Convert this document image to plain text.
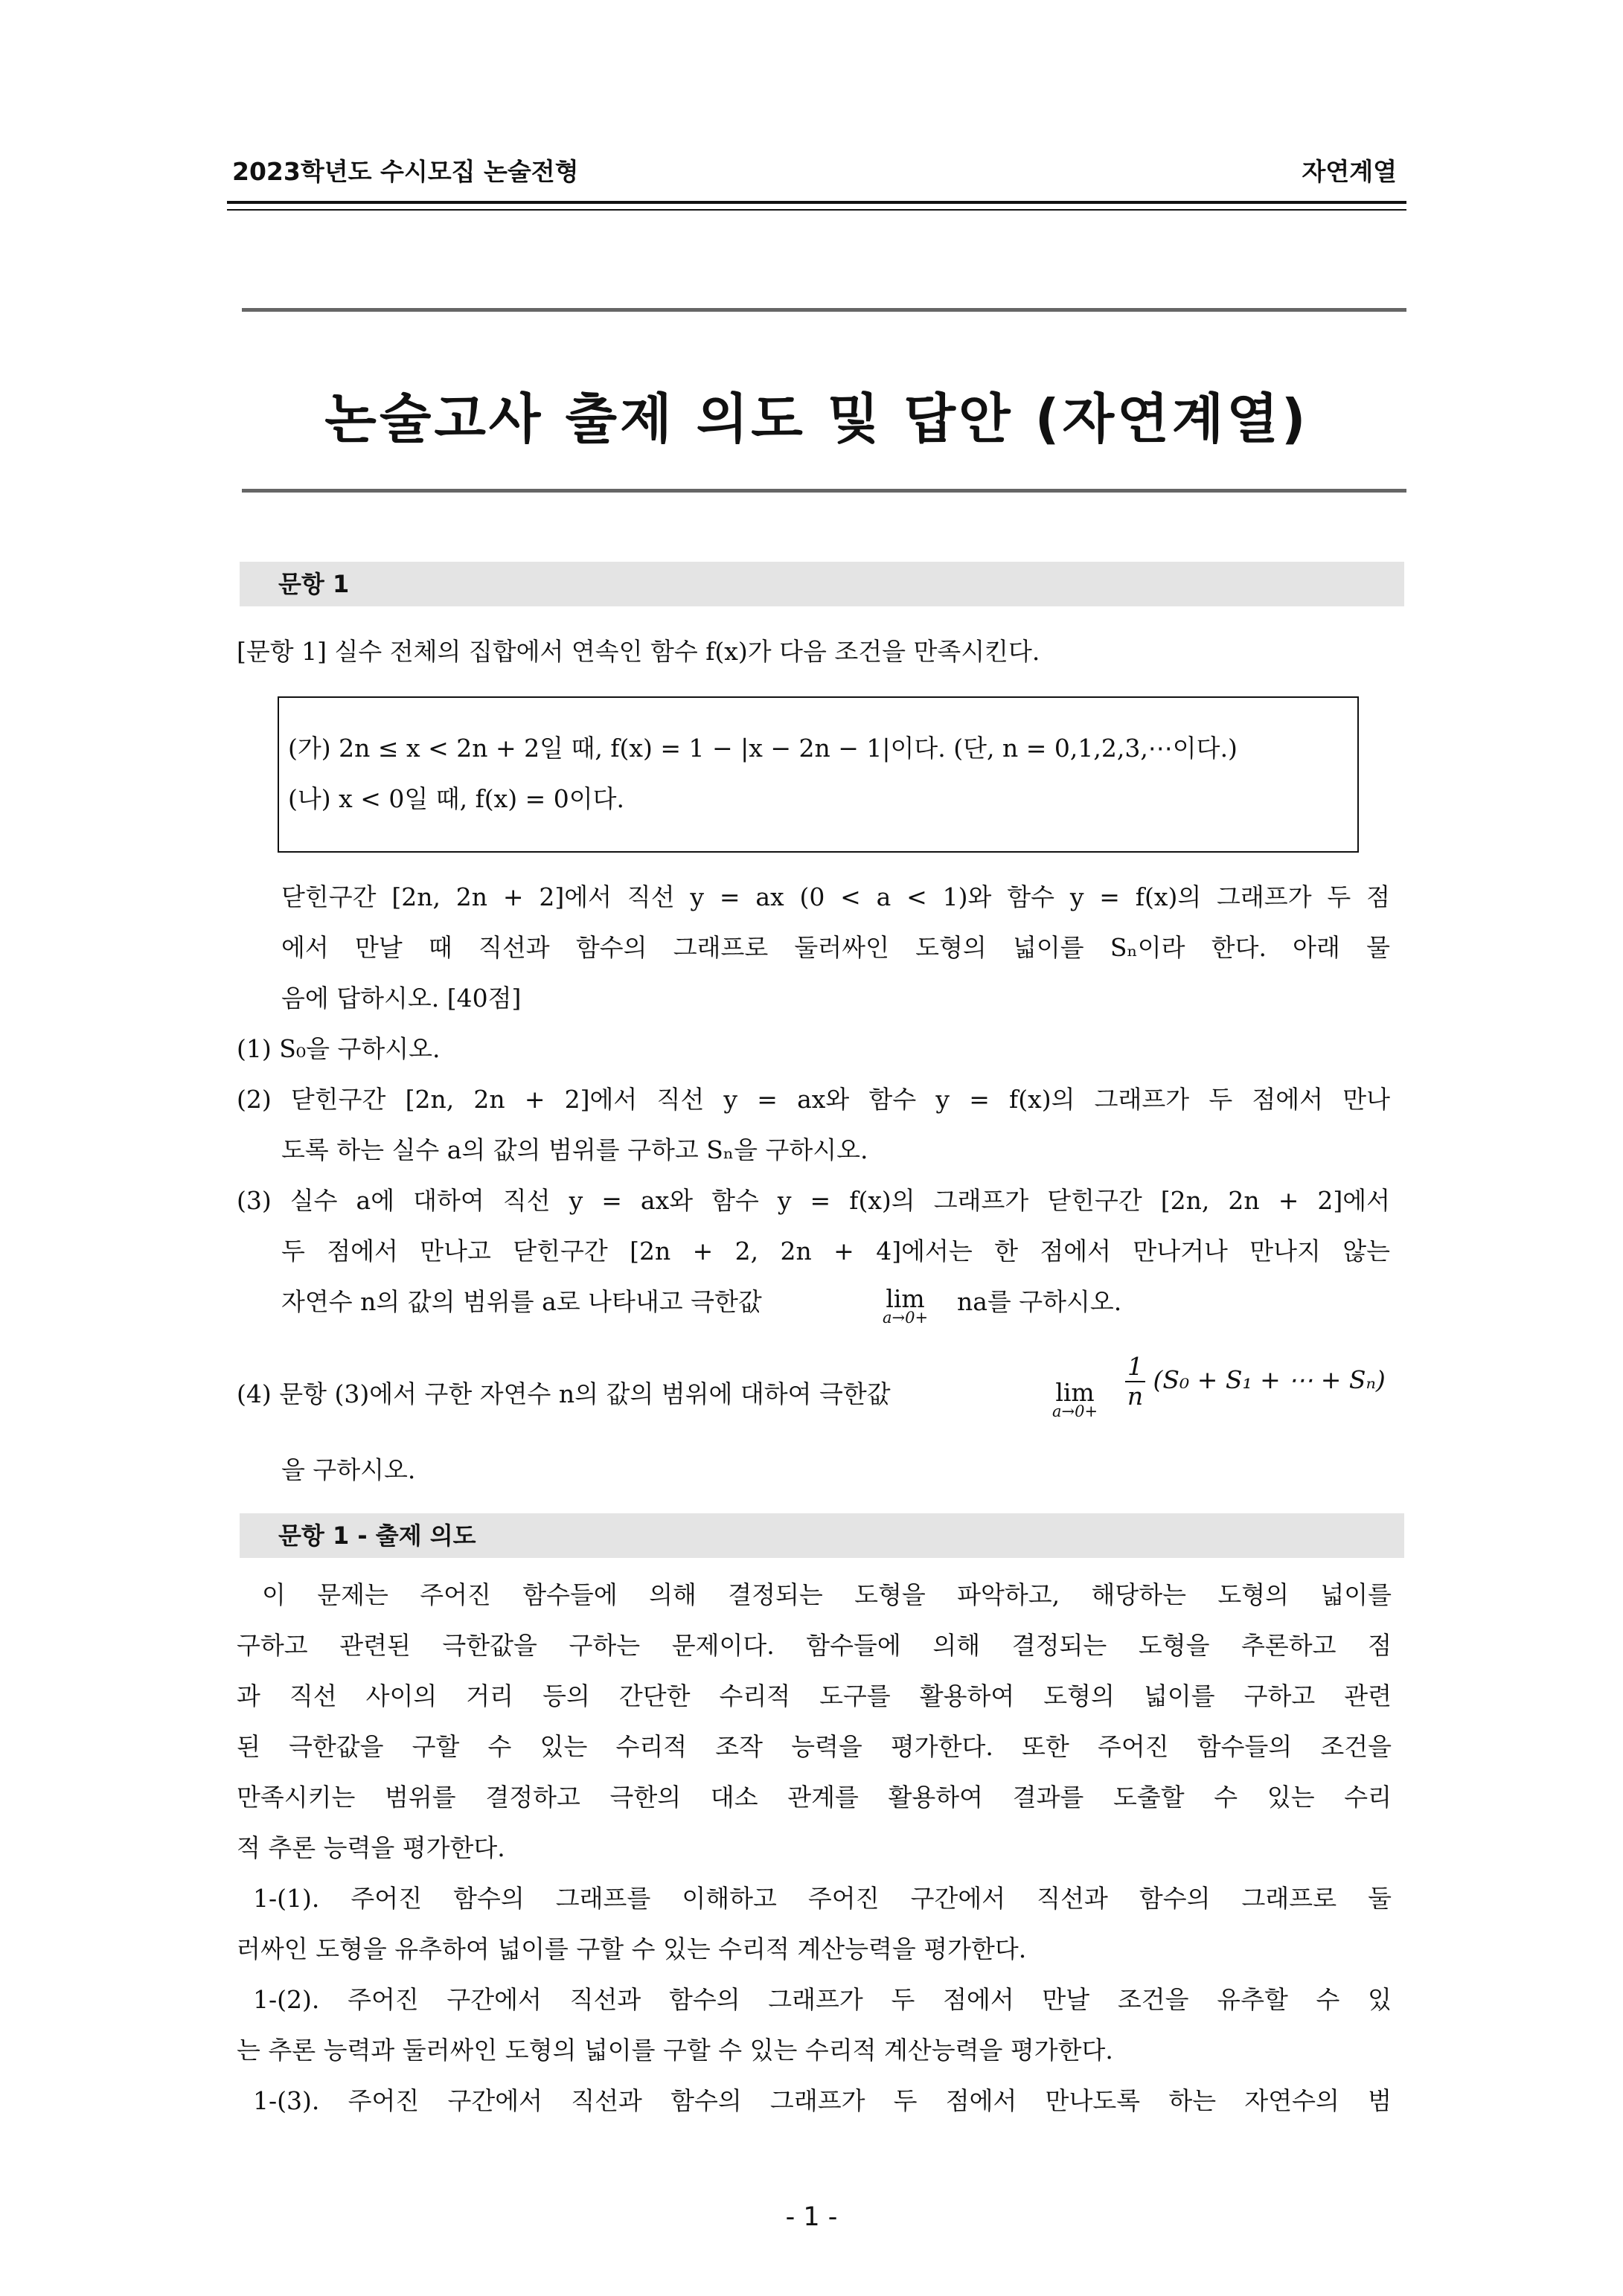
2023학년도 수시모집 논술전형	자연계열
논술고사 출제 의도 및 답안 (자연계열)
문항 1
[문항 1] 실수 전체의 집합에서 연속인 함수 f(x)가 다음 조건을 만족시킨다.
(가) 2n ≤ x < 2n + 2일 때, f(x) = 1 − |x − 2n − 1|이다. (단, n = 0,1,2,3,⋯이다.)
(나) x < 0일 때, f(x) = 0이다.
닫힌구간 [2n, 2n + 2]에서 직선 y = ax (0 < a < 1)와 함수 y = f(x)의 그래프가 두 점
에서 만날 때 직선과 함수의 그래프로 둘러싸인 도형의 넓이를 Sₙ이라 한다. 아래 물
음에 답하시오. [40점]
(1) S₀을 구하시오.
(2) 닫힌구간 [2n, 2n + 2]에서 직선 y = ax와 함수 y = f(x)의 그래프가 두 점에서 만나
도록 하는 실수 a의 값의 범위를 구하고 Sₙ을 구하시오.
(3) 실수 a에 대하여 직선 y = ax와 함수 y = f(x)의 그래프가 닫힌구간 [2n, 2n + 2]에서
두 점에서 만나고 닫힌구간 [2n + 2, 2n + 4]에서는 한 점에서 만나거나 만나지 않는
자연수 n의 값의 범위를 a로 나타내고 극한값	lim
a→0+
na를 구하시오.
(4) 문항 (3)에서 구한 자연수 n의 값의 범위에 대하여 극한값	lim
a→0+
$\frac{1}{n} (S_0 + S_1$ + ⋯ + Sₙ)
을 구하시오.
문항 1 - 출제 의도
이 문제는 주어진 함수들에 의해 결정되는 도형을 파악하고, 해당하는 도형의 넓이를
구하고 관련된 극한값을 구하는 문제이다. 함수들에 의해 결정되는 도형을 추론하고 점
과 직선 사이의 거리 등의 간단한 수리적 도구를 활용하여 도형의 넓이를 구하고 관련
된 극한값을 구할 수 있는 수리적 조작 능력을 평가한다. 또한 주어진 함수들의 조건을
만족시키는 범위를 결정하고 극한의 대소 관계를 활용하여 결과를 도출할 수 있는 수리
적 추론 능력을 평가한다.
1-(1). 주어진 함수의 그래프를 이해하고 주어진 구간에서 직선과 함수의 그래프로 둘
러싸인 도형을 유추하여 넓이를 구할 수 있는 수리적 계산능력을 평가한다.
1-(2). 주어진 구간에서 직선과 함수의 그래프가 두 점에서 만날 조건을 유추할 수 있
는 추론 능력과 둘러싸인 도형의 넓이를 구할 수 있는 수리적 계산능력을 평가한다.
1-(3). 주어진 구간에서 직선과 함수의 그래프가 두 점에서 만나도록 하는 자연수의 범
- 1 -
